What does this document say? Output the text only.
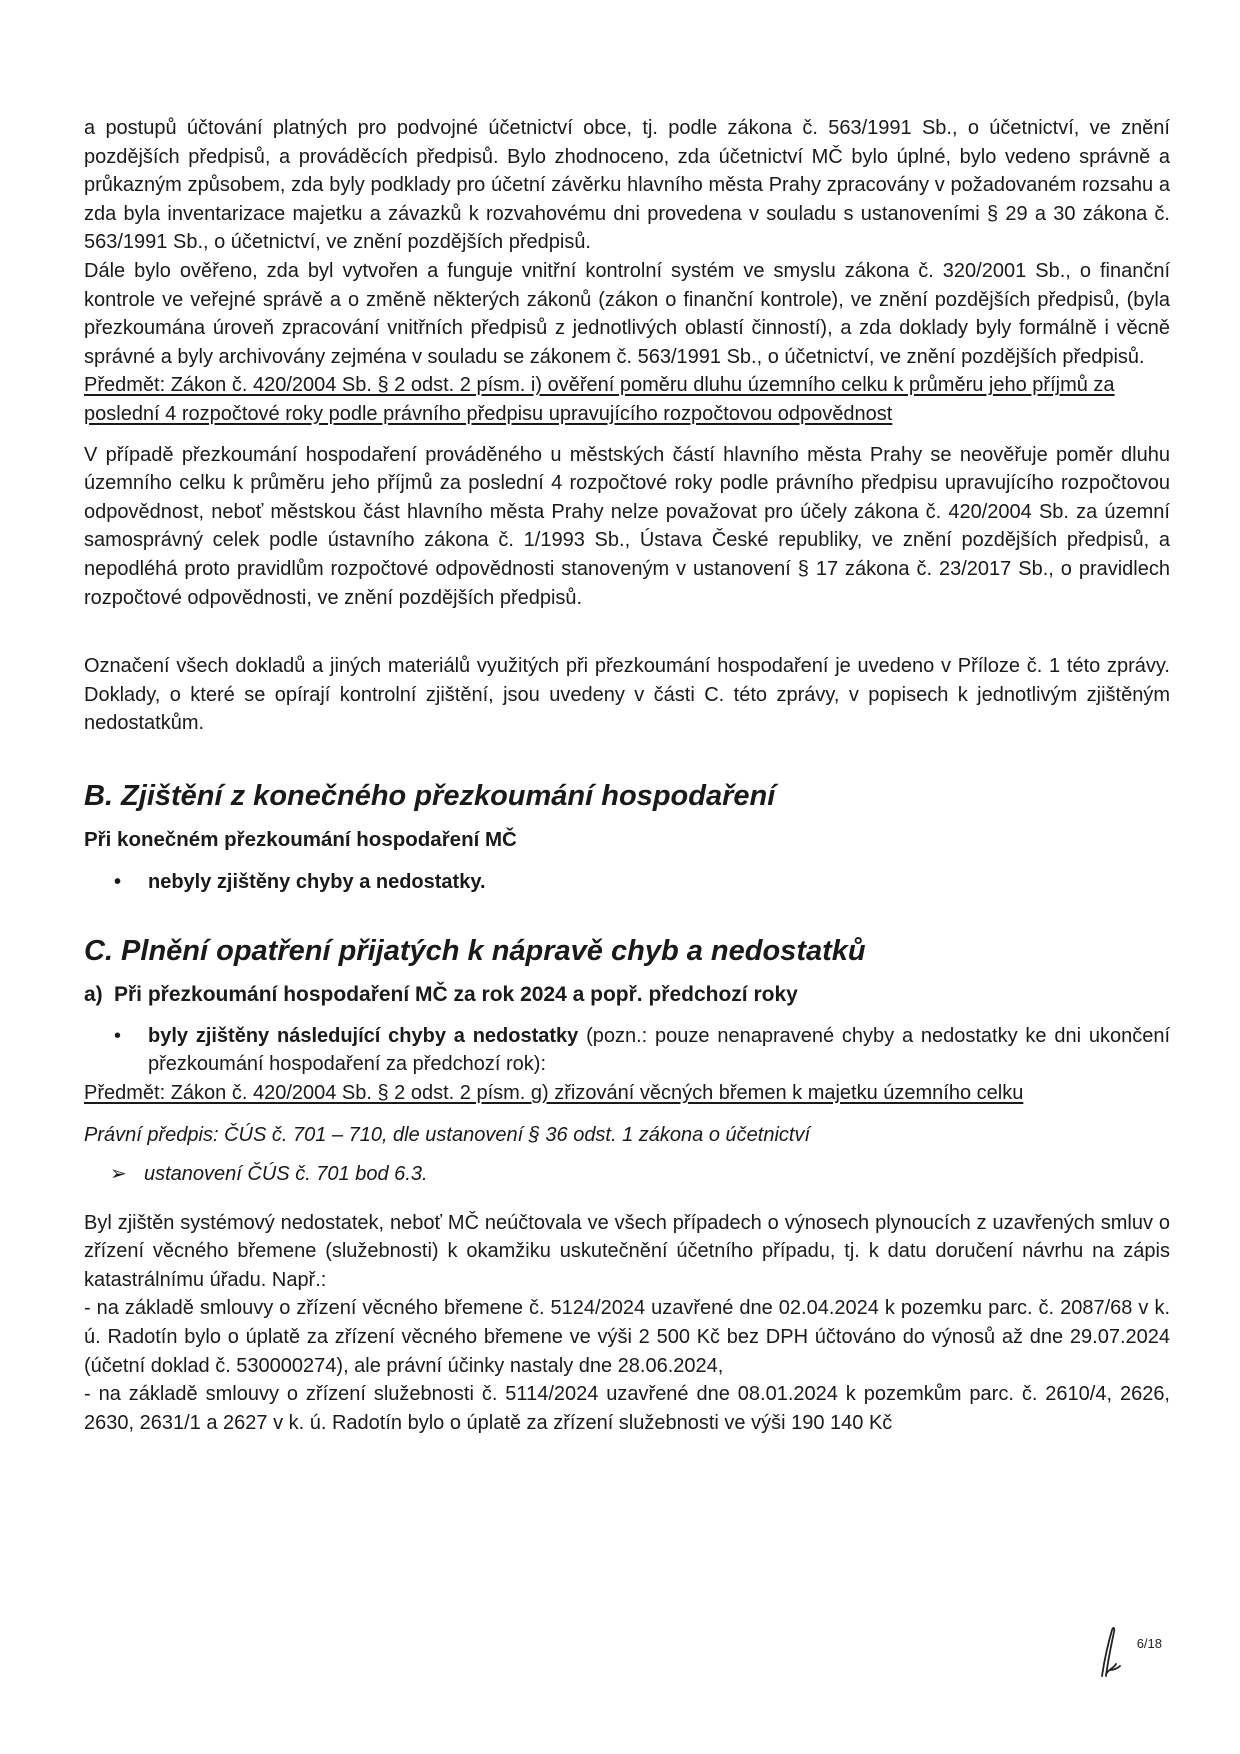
a postupů účtování platných pro podvojné účetnictví obce, tj. podle zákona č. 563/1991 Sb., o účetnictví, ve znění pozdějších předpisů, a prováděcích předpisů. Bylo zhodnoceno, zda účetnictví MČ bylo úplné, bylo vedeno správně a průkazným způsobem, zda byly podklady pro účetní závěrku hlavního města Prahy zpracovány v požadovaném rozsahu a zda byla inventarizace majetku a závazků k rozvahovému dni provedena v souladu s ustanoveními § 29 a 30 zákona č. 563/1991 Sb., o účetnictví, ve znění pozdějších předpisů.

Dále bylo ověřeno, zda byl vytvořen a funguje vnitřní kontrolní systém ve smyslu zákona č. 320/2001 Sb., o finanční kontrole ve veřejné správě a o změně některých zákonů (zákon o finanční kontrole), ve znění pozdějších předpisů, (byla přezkoumána úroveň zpracování vnitřních předpisů z jednotlivých oblastí činností), a zda doklady byly formálně i věcně správné a byly archivovány zejména v souladu se zákonem č. 563/1991 Sb., o účetnictví, ve znění pozdějších předpisů.

Předmět: Zákon č. 420/2004 Sb. § 2 odst. 2 písm. i) ověření poměru dluhu územního celku k průměru jeho příjmů za poslední 4 rozpočtové roky podle právního předpisu upravujícího rozpočtovou odpovědnost

V případě přezkoumání hospodaření prováděného u městských částí hlavního města Prahy se neověřuje poměr dluhu územního celku k průměru jeho příjmů za poslední 4 rozpočtové roky podle právního předpisu upravujícího rozpočtovou odpovědnost, neboť městskou část hlavního města Prahy nelze považovat pro účely zákona č. 420/2004 Sb. za územní samosprávný celek podle ústavního zákona č. 1/1993 Sb., Ústava České republiky, ve znění pozdějších předpisů, a nepodléhá proto pravidlům rozpočtové odpovědnosti stanoveným v ustanovení § 17 zákona č. 23/2017 Sb., o pravidlech rozpočtové odpovědnosti, ve znění pozdějších předpisů.

Označení všech dokladů a jiných materiálů využitých při přezkoumání hospodaření je uvedeno v Příloze č. 1 této zprávy. Doklady, o které se opírají kontrolní zjištění, jsou uvedeny v části C. této zprávy, v popisech k jednotlivým zjištěným nedostatkům.

B. Zjištění z konečného přezkoumání hospodaření

Při konečném přezkoumání hospodaření MČ

• nebyly zjištěny chyby a nedostatky.
C. Plnění opatření přijatých k nápravě chyb a nedostatků
a) Při přezkoumání hospodaření MČ za rok 2024 a popř. předchozí roky
• byly zjištěny následující chyby a nedostatky (pozn.: pouze nenapravené chyby a nedostatky ke dni ukončení přezkoumání hospodaření za předchozí rok):

Předmět: Zákon č. 420/2004 Sb. § 2 odst. 2 písm. g) zřizování věcných břemen k majetku územního celku

Právní předpis: ČÚS č. 701 – 710, dle ustanovení § 36 odst. 1 zákona o účetnictví

➢ ustanovení ČÚS č. 701 bod 6.3.

Byl zjištěn systémový nedostatek, neboť MČ neúčtovala ve všech případech o výnosech plynoucích z uzavřených smluv o zřízení věcného břemene (služebnosti) k okamžiku uskutečnění účetního případu, tj. k datu doručení návrhu na zápis katastrálnímu úřadu. Např.:

- na základě smlouvy o zřízení věcného břemene č. 5124/2024 uzavřené dne 02.04.2024 k pozemku parc. č. 2087/68 v k. ú. Radotín bylo o úplatě za zřízení věcného břemene ve výši 2 500 Kč bez DPH účtováno do výnosů až dne 29.07.2024 (účetní doklad č. 530000274), ale právní účinky nastaly dne 28.06.2024,

- na základě smlouvy o zřízení služebnosti č. 5114/2024 uzavřené dne 08.01.2024 k pozemkům parc. č. 2610/4, 2626, 2630, 2631/1 a 2627 v k. ú. Radotín bylo o úplatě za zřízení služebnosti ve výši 190 140 Kč

6/18
